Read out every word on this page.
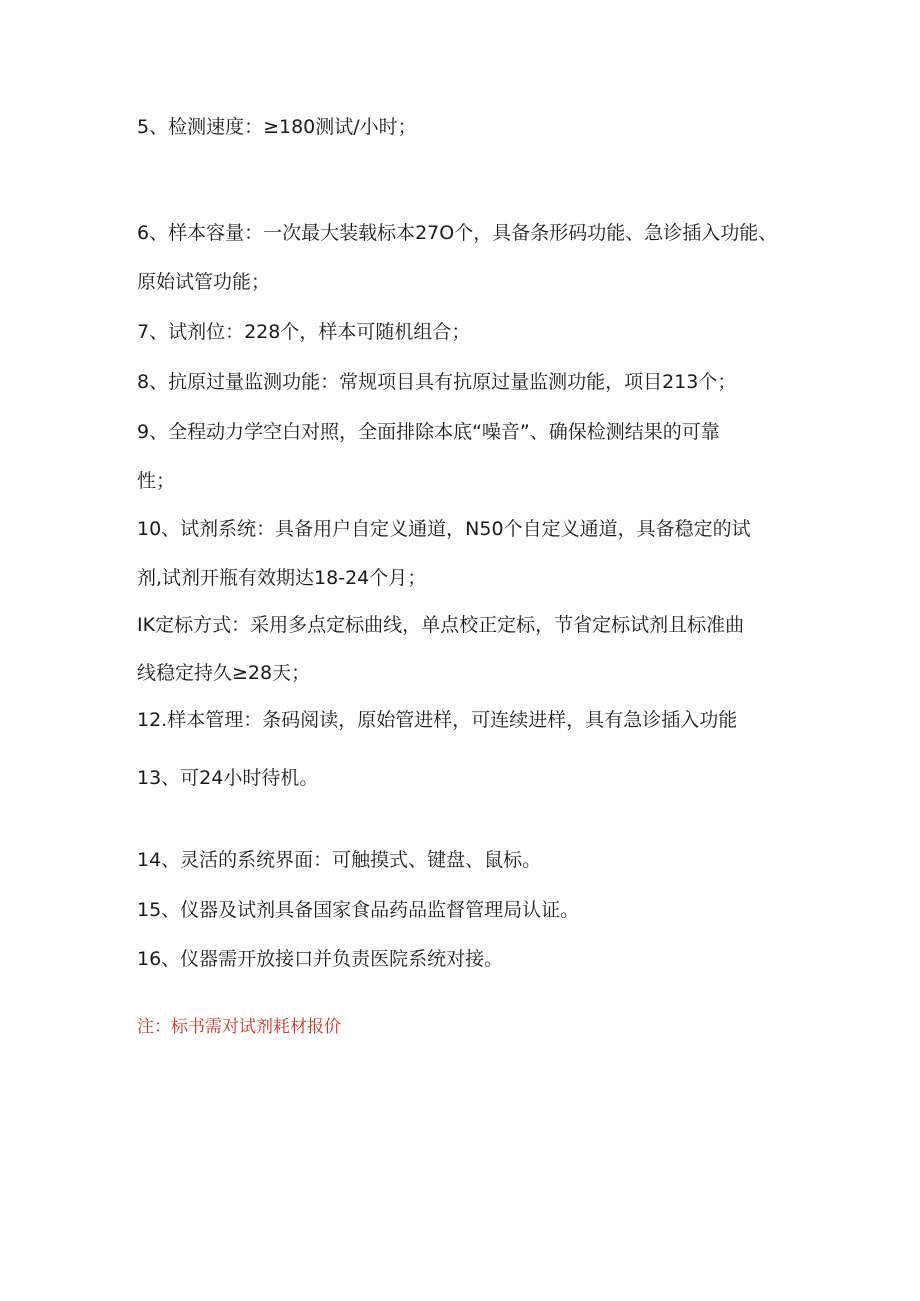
5、检测速度：≥180测试/小时；
6、样本容量：一次最大装载标本27O个，具备条形码功能、急诊插入功能、
原始试管功能；
7、试剂位：228个，样本可随机组合；
8、抗原过量监测功能：常规项目具有抗原过量监测功能，项目213个；
9、全程动力学空白对照，全面排除本底“噪音”、确保检测结果的可靠
性；
10、试剂系统：具备用户自定义通道，N50个自定义通道，具备稳定的试
剂,试剂开瓶有效期达18-24个月；
IK定标方式：采用多点定标曲线，单点校正定标，节省定标试剂且标准曲
线稳定持久≥28天；
12.样本管理：条码阅读，原始管进样，可连续进样，具有急诊插入功能
13、可24小时待机。
14、灵活的系统界面：可触摸式、键盘、鼠标。
15、仪器及试剂具备国家食品药品监督管理局认证。
16、仪器需开放接口并负责医院系统对接。
注：标书需对试剂耗材报价
